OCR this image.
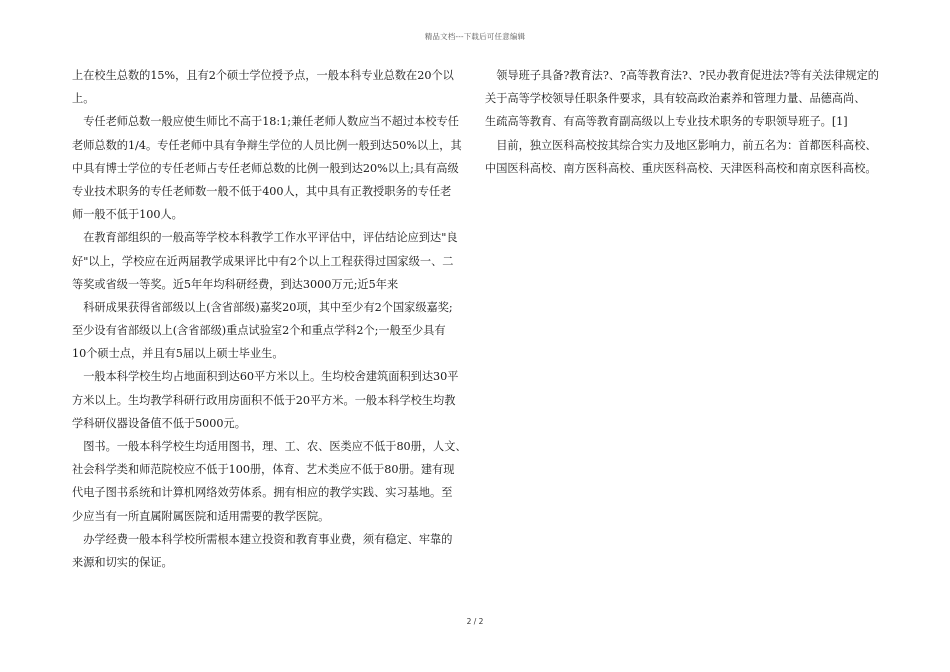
精品文档---下载后可任意编辑
上在校生总数的15%，且有2个硕士学位授予点，一般本科专业总数在20个以
上。
　专任老师总数一般应使生师比不高于18:1;兼任老师人数应当不超过本校专任
老师总数的1/4。专任老师中具有争辩生学位的人员比例一般到达50%以上，其
中具有博士学位的专任老师占专任老师总数的比例一般到达20%以上;具有高级
专业技术职务的专任老师数一般不低于400人，其中具有正教授职务的专任老
师一般不低于100人。
　在教育部组织的一般高等学校本科教学工作水平评估中，评估结论应到达"良
好"以上，学校应在近两届教学成果评比中有2个以上工程获得过国家级一、二
等奖或省级一等奖。近5年年均科研经费，到达3000万元;近5年来
　科研成果获得省部级以上(含省部级)嘉奖20项，其中至少有2个国家级嘉奖;
至少设有省部级以上(含省部级)重点试验室2个和重点学科2个;一般至少具有
10个硕士点，并且有5届以上硕士毕业生。
　一般本科学校生均占地面积到达60平方米以上。生均校舍建筑面积到达30平
方米以上。生均教学科研行政用房面积不低于20平方米。一般本科学校生均教
学科研仪器设备值不低于5000元。
　图书。一般本科学校生均适用图书，理、工、农、医类应不低于80册，人文、
社会科学类和师范院校应不低于100册，体育、艺术类应不低于80册。建有现
代电子图书系统和计算机网络效劳体系。拥有相应的教学实践、实习基地。至
少应当有一所直属附属医院和适用需要的教学医院。
　办学经费一般本科学校所需根本建立投资和教育事业费，须有稳定、牢靠的
来源和切实的保证。
　领导班子具备?教育法?、?高等教育法?、?民办教育促进法?等有关法律规定的
关于高等学校领导任职条件要求，具有较高政治素养和管理力量、品德高尚、
生疏高等教育、有高等教育副高级以上专业技术职务的专职领导班子。[1]
　目前，独立医科高校按其综合实力及地区影响力，前五名为：首都医科高校、
中国医科高校、南方医科高校、重庆医科高校、天津医科高校和南京医科高校。
2 / 2
